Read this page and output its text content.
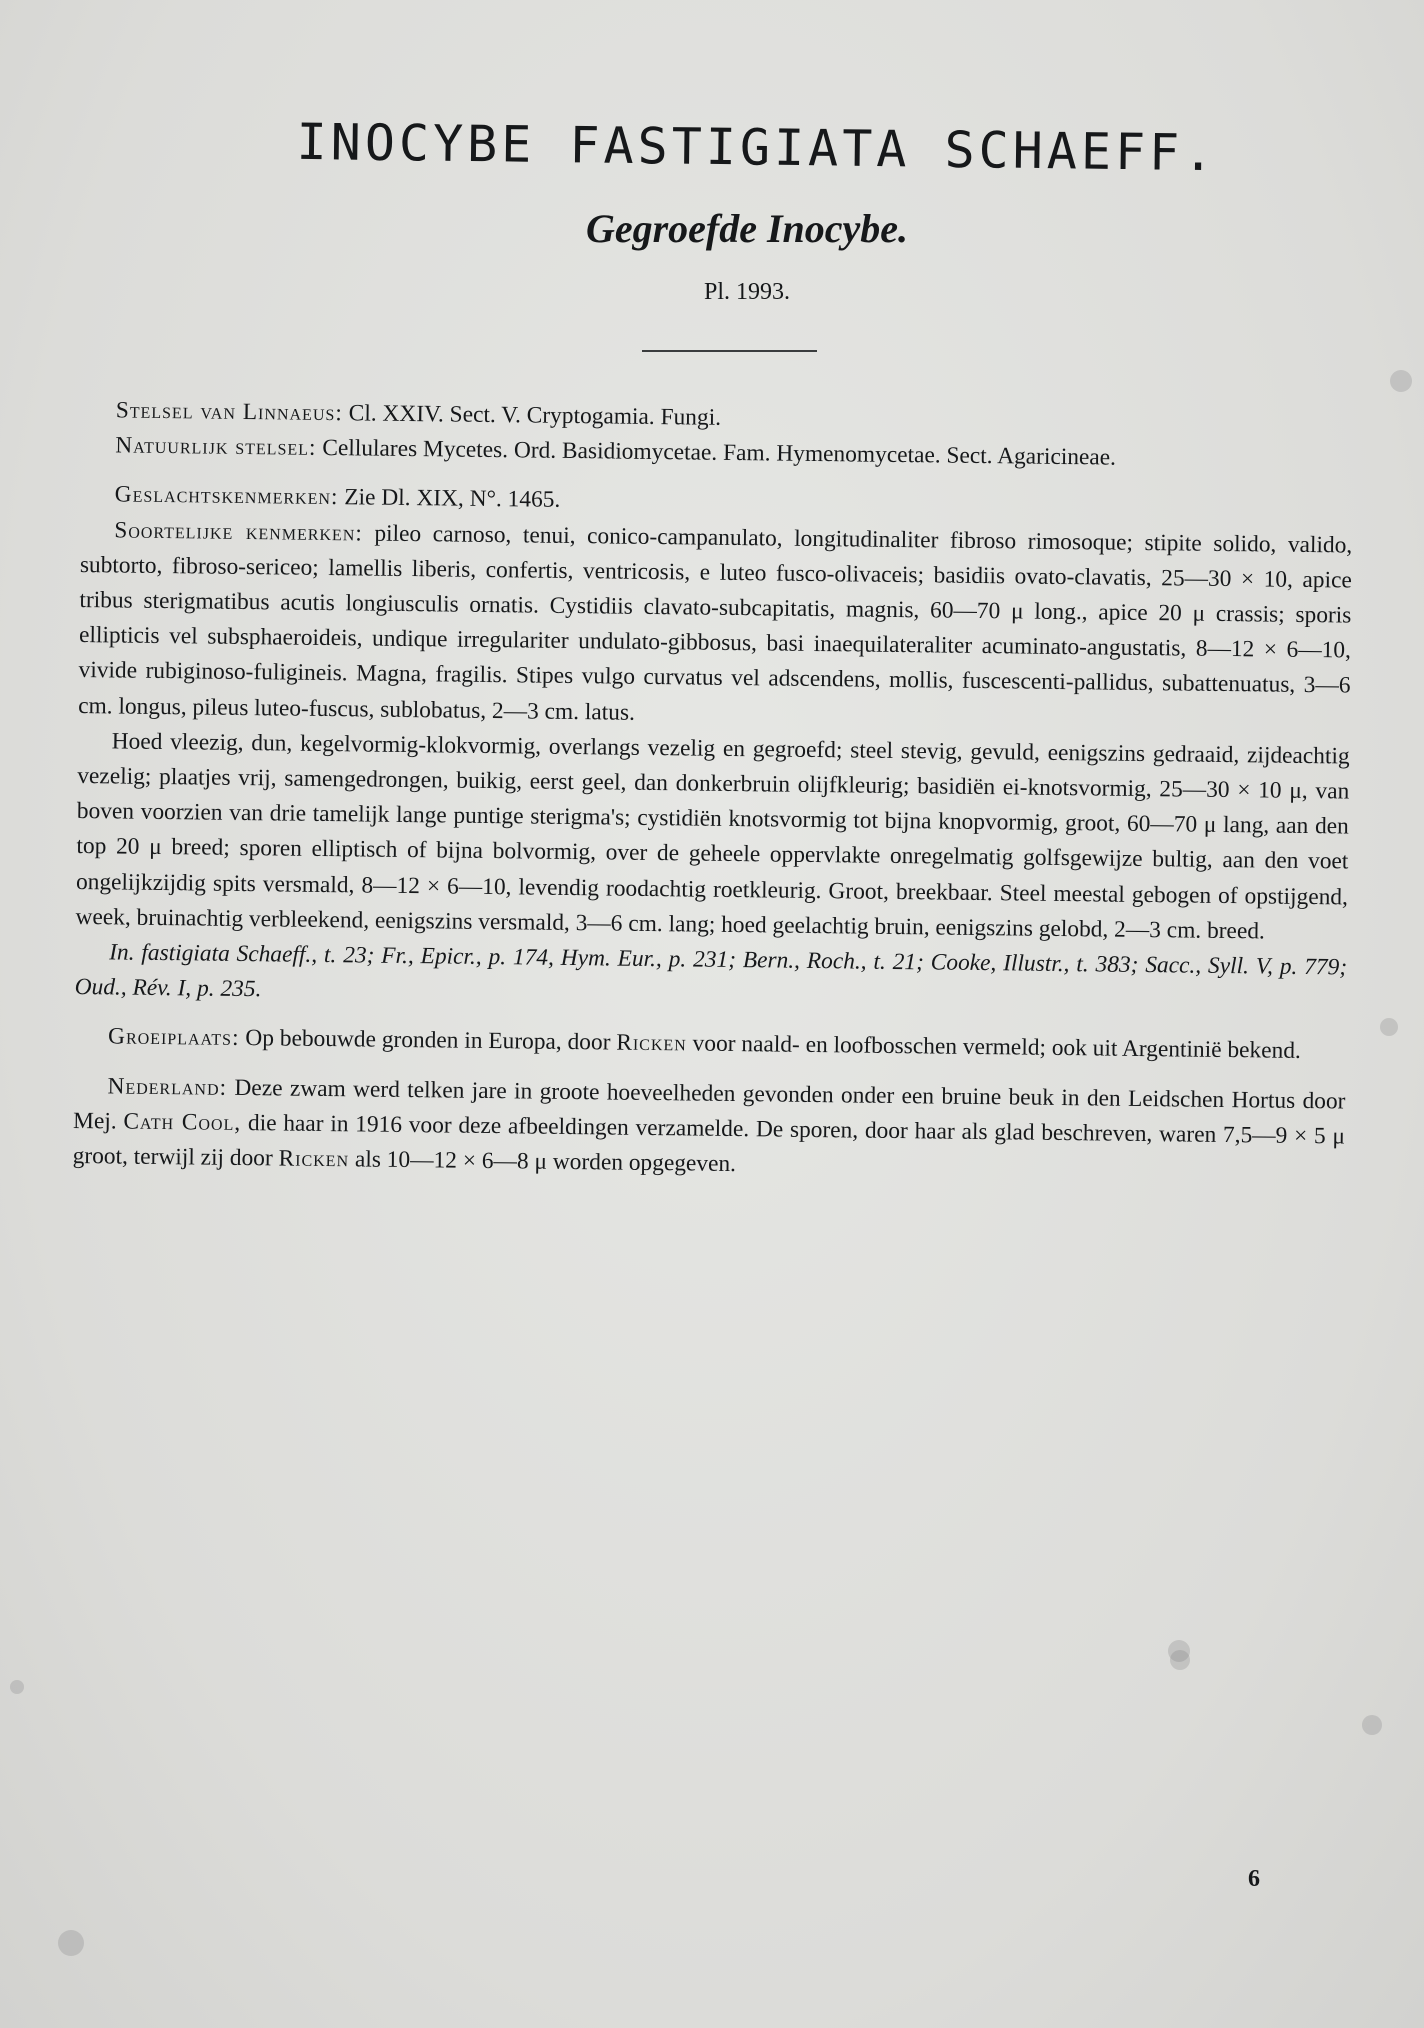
INOCYBE FASTIGIATA SCHAEFF.
Gegroefde Inocybe.
Pl. 1993.

Stelsel van Linnaeus: Cl. XXIV. Sect. V. Cryptogamia. Fungi.

Natuurlijk stelsel: Cellulares Mycetes. Ord. Basidiomycetae. Fam. Hymenomycetae. Sect. Agaricineae.

Geslachtskenmerken: Zie Dl. XIX, N°. 1465.

Soortelijke kenmerken: pileo carnoso, tenui, conico-campanulato, longitudinaliter fibroso rimosoque; stipite solido, valido, subtorto, fibroso-sericeo; lamellis liberis, confertis, ventricosis, e luteo fusco-olivaceis; basidiis ovato-clavatis, 25—30 × 10, apice tribus sterigmatibus acutis longiusculis ornatis. Cystidiis clavato-subcapitatis, magnis, 60—70 μ long., apice 20 μ crassis; sporis ellipticis vel subsphaeroideis, undique irregulariter undulato-gibbosus, basi inaequilateraliter acuminato-angustatis, 8—12 × 6—10, vivide rubiginoso-fuligineis. Magna, fragilis. Stipes vulgo curvatus vel adscendens, mollis, fuscescenti-pallidus, subattenuatus, 3—6 cm. longus, pileus luteo-fuscus, sublobatus, 2—3 cm. latus.

Hoed vleezig, dun, kegelvormig-klokvormig, overlangs vezelig en gegroefd; steel stevig, gevuld, eenigszins gedraaid, zijdeachtig vezelig; plaatjes vrij, samengedrongen, buikig, eerst geel, dan donkerbruin olijfkleurig; basidiën ei-knotsvormig, 25—30 × 10 μ, van boven voorzien van drie tamelijk lange puntige sterigma's; cystidiën knotsvormig tot bijna knopvormig, groot, 60—70 μ lang, aan den top 20 μ breed; sporen elliptisch of bijna bolvormig, over de geheele oppervlakte onregelmatig golfsgewijze bultig, aan den voet ongelijkzijdig spits versmald, 8—12 × 6—10, levendig roodachtig roetkleurig. Groot, breekbaar. Steel meestal gebogen of opstijgend, week, bruinachtig verbleekend, eenigszins versmald, 3—6 cm. lang; hoed geelachtig bruin, eenigszins gelobd, 2—3 cm. breed.

In. fastigiata Schaeff., t. 23; Fr., Epicr., p. 174, Hym. Eur., p. 231; Bern., Roch., t. 21; Cooke, Illustr., t. 383; Sacc., Syll. V, p. 779; Oud., Rév. I, p. 235.

Groeiplaats: Op bebouwde gronden in Europa, door Ricken voor naald- en loofbosschen vermeld; ook uit Argentinië bekend.

Nederland: Deze zwam werd telken jare in groote hoeveelheden gevonden onder een bruine beuk in den Leidschen Hortus door Mej. Cath Cool, die haar in 1916 voor deze afbeeldingen verzamelde. De sporen, door haar als glad beschreven, waren 7,5—9 × 5 μ groot, terwijl zij door Ricken als 10—12 × 6—8 μ worden opgegeven.

6
